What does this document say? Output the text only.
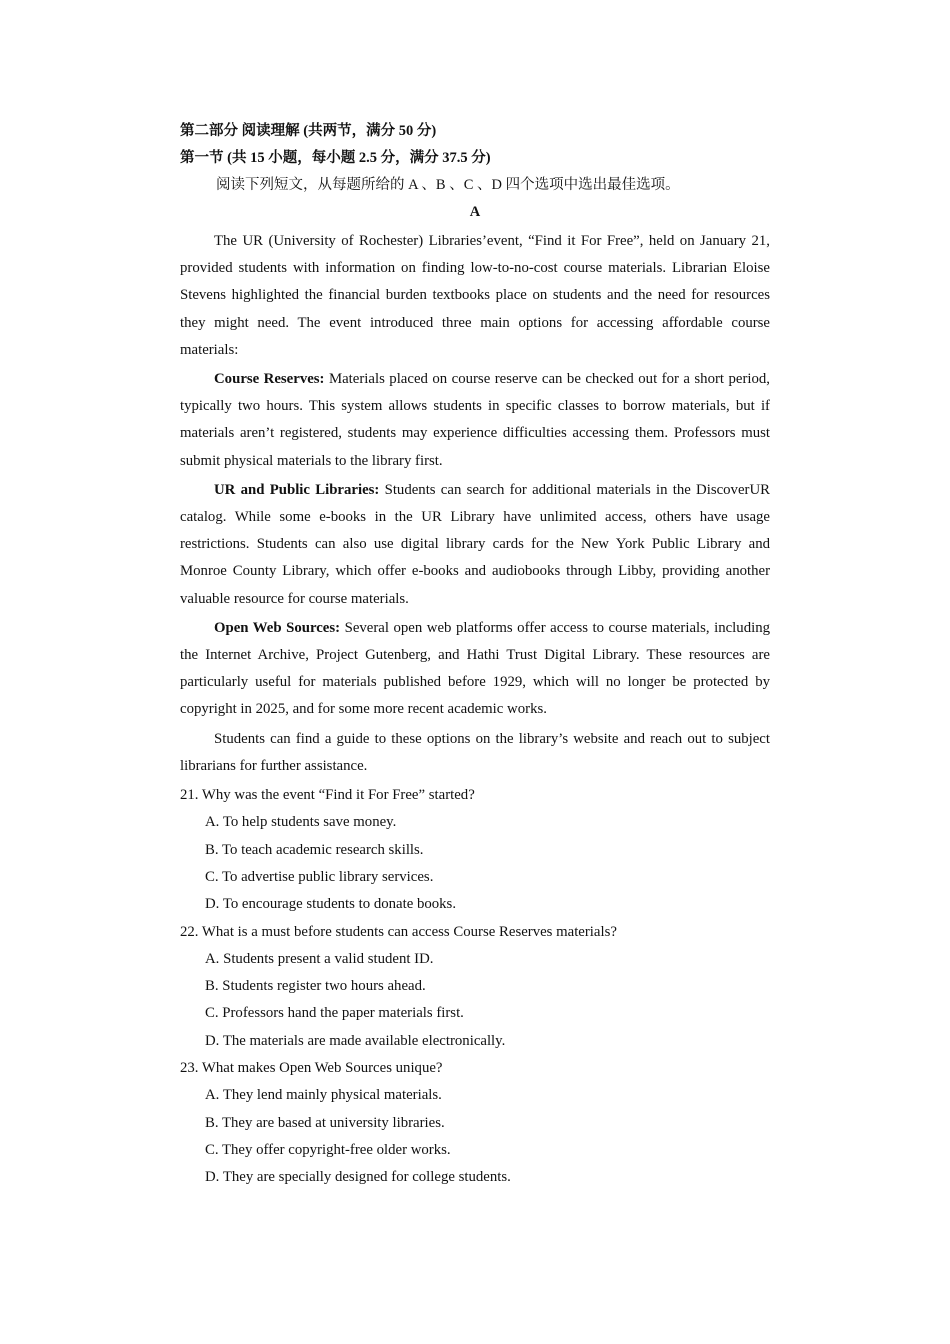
第二部分 阅读理解 (共两节，满分 50 分)
第一节 (共 15 小题，每小题 2.5 分，满分 37.5 分)
阅读下列短文，从每题所给的 A 、B 、C 、D 四个选项中选出最佳选项。
A

The UR (University of Rochester) Libraries’event, “Find it For Free”, held on January 21, provided students with information on finding low-to-no-cost course materials. Librarian Eloise Stevens highlighted the financial burden textbooks place on students and the need for resources they might need. The event introduced three main options for accessing affordable course materials:

Course Reserves: Materials placed on course reserve can be checked out for a short period, typically two hours. This system allows students in specific classes to borrow materials, but if materials aren’t registered, students may experience difficulties accessing them. Professors must submit physical materials to the library first.

UR and Public Libraries: Students can search for additional materials in the DiscoverUR catalog. While some e-books in the UR Library have unlimited access, others have usage restrictions. Students can also use digital library cards for the New York Public Library and Monroe County Library, which offer e-books and audiobooks through Libby, providing another valuable resource for course materials.

Open Web Sources: Several open web platforms offer access to course materials, including the Internet Archive, Project Gutenberg, and Hathi Trust Digital Library. These resources are particularly useful for materials published before 1929, which will no longer be protected by copyright in 2025, and for some more recent academic works.

Students can find a guide to these options on the library’s website and reach out to subject librarians for further assistance.

21. Why was the event “Find it For Free” started?
A. To help students save money.
B. To teach academic research skills.
C. To advertise public library services.
D. To encourage students to donate books.
22. What is a must before students can access Course Reserves materials?
A. Students present a valid student ID.
B. Students register two hours ahead.
C. Professors hand the paper materials first.
D. The materials are made available electronically.
23. What makes Open Web Sources unique?
A. They lend mainly physical materials.
B. They are based at university libraries.
C. They offer copyright-free older works.
D. They are specially designed for college students.
